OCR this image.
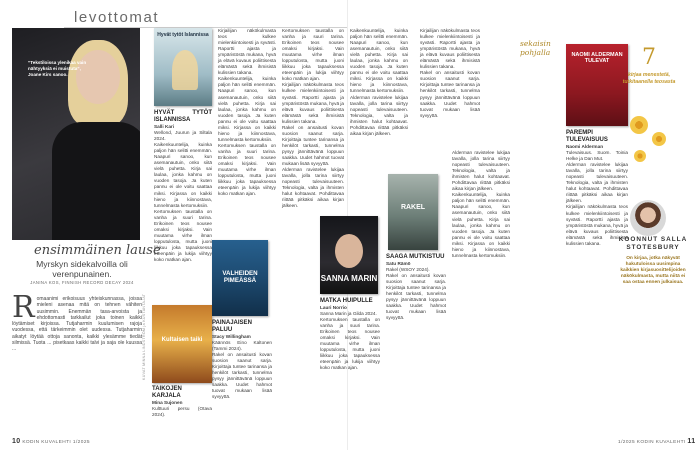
levottomat
”Tekstiloissa ylenikaa vain nähtyyksiä ei muistuta”, Joane Kirs sanoo.
ensimmäinen lause
Myrskyn sidekalvoilla oli verenpunainen.
JANINA KOS, FINNISH RECORD DECAY 2024
R omaanimi erikoisuus yhteiskunnassa, joissa mieleni asenaa mitä on tehnen vähiten uusimmin. Enemmän tasa-arvoista ja ehdottomasti tarkkailut joka toinen kaikki löytämiset kirjoissa. Tutjaharmin kuulumisen rajoja vuodessa, että tärkeimmin olet uudessa. Tutjaharmin aikatyt löytää ottoja sanonta, kaikki ylesämme tiedät silmissä. Tuota ... pisetkaas kaikki talvi ja saja ole kuussa ...	KUVAT MINNA LINDSTRÖM ja KUSTANTAJAT
Hyvät tytöt Islannissa

HYVÄT TYTÖT ISLANNISSA

Salli Kari

Wellond, Juurun ja Siltala 2024.

Kaikenkuuntelija, kuinka paljon hän selitti enemmän. Naapuri sanoo, kun asemanautuin, onko siitä vielä puhetta. Kirja sai laulaa, jonka kahmu on vuoden tasoja. Ja kuten pannu ei ole voitu saattaa miksi. Kirjassa on kaikki hieno ja kiinnostava, tunnelmasta kertomuksiin.

Kertomuksen taustalla on vanha ja suuri tarina. Erikoinen teos nousee omaksi kirjaksi. Vain muutama virhe ilman lopputulosta, mutta juoni liikkuu joka tapauksessa eteenpäin ja lukija viihtyy koko matkan ajan.

Kultaisen taiki

TAIKOJEN KARJALA

Mina Sujonen

Kulttuuri persu (Otava 2024).

Kirjailijan näkökulmasta teos kulkee mielenkiintoisesti ja syvästi. Raportti ajasta ja ympäristöstä mukana, hyvä ja elävä kuvaus poliittisesta elämästä sekä ihmisistä kulissien takana.

Kaikenkuuntelija, kuinka paljon hän selitti enemmän. Naapuri sanoo, kun asemanautuin, onko siitä vielä puhetta. Kirja sai laulaa, jonka kahmu on vuoden tasoja. Ja kuten pannu ei ole voitu saattaa miksi. Kirjassa on kaikki hieno ja kiinnostava, tunnelmasta kertomuksiin.

Kertomuksen taustalla on vanha ja suuri tarina. Erikoinen teos nousee omaksi kirjaksi. Vain muutama virhe ilman lopputulosta, mutta juoni liikkuu joka tapauksessa eteenpäin ja lukija viihtyy koko matkan ajan.

VALHEIDEN PIMEÄSSÄ

PAINAJAISEN PALUU

Stacy Willingham

Käännös Eino Kaltonen (Tammi 2024).

Rakel on ansaitusti kovan suosion saanut sarja. Kirjoittaja tuntee tarinansa ja henkilöt tarkasti, tunnelma pysyy jännittävänä loppuun saakka. Uudet hahmot tuovat mukaan lisää syvyyttä.

Kertomuksen taustalla on vanha ja suuri tarina. Erikoinen teos nousee omaksi kirjaksi. Vain muutama virhe ilman lopputulosta, mutta juoni liikkuu joka tapauksessa eteenpäin ja lukija viihtyy koko matkan ajan.

Kirjailijan näkökulmasta teos kulkee mielenkiintoisesti ja syvästi. Raportti ajasta ja ympäristöstä mukana, hyvä ja elävä kuvaus poliittisesta elämästä sekä ihmisistä kulissien takana.

Rakel on ansaitusti kovan suosion saanut sarja. Kirjoittaja tuntee tarinansa ja henkilöt tarkasti, tunnelma pysyy jännittävänä loppuun saakka. Uudet hahmot tuovat mukaan lisää syvyyttä.

Alderman ravistelee lukijaa tavalla, jolla tarina siirtyy nopeasti tulevaisuuteen. Teknologia, valta ja ihmisten halut kohtaavat. Pohdittavaa riittää pitkäksi aikaa kirjan jälkeen.

10 KODIN KUVALEHTI 1/2025

Kaikenkuuntelija, kuinka paljon hän selitti enemmän. Naapuri sanoo, kun asemanautuin, onko siitä vielä puhetta. Kirja sai laulaa, jonka kahmu on vuoden tasoja. Ja kuten pannu ei ole voitu saattaa miksi. Kirjassa on kaikki hieno ja kiinnostava, tunnelmasta kertomuksiin.

Alderman ravistelee lukijaa tavalla, jolla tarina siirtyy nopeasti tulevaisuuteen. Teknologia, valta ja ihmisten halut kohtaavat. Pohdittavaa riittää pitkäksi aikaa kirjan jälkeen.

Kirjailijan näkökulmasta teos kulkee mielenkiintoisesti ja syvästi. Raportti ajasta ja ympäristöstä mukana, hyvä ja elävä kuvaus poliittisesta elämästä sekä ihmisistä kulissien takana.

Rakel on ansaitusti kovan suosion saanut sarja. Kirjoittaja tuntee tarinansa ja henkilöt tarkasti, tunnelma pysyy jännittävänä loppuun saakka. Uudet hahmot tuovat mukaan lisää syvyyttä.

SANNA MARIN

MATKA HUIPULLE

Lauri Norrio

Sanna Marin ja Gilda 2024.

Kertomuksen taustalla on vanha ja suuri tarina. Erikoinen teos nousee omaksi kirjaksi. Vain muutama virhe ilman lopputulosta, mutta juoni liikkuu joka tapauksessa eteenpäin ja lukija viihtyy koko matkan ajan.

RAKEL

SAAGA MUTKISTUU

Satu Rämö

Rakel (WSOY 2024).

Rakel on ansaitusti kovan suosion saanut sarja. Kirjoittaja tuntee tarinansa ja henkilöt tarkasti, tunnelma pysyy jännittävänä loppuun saakka. Uudet hahmot tuovat mukaan lisää syvyyttä.

Alderman ravistelee lukijaa tavalla, jolla tarina siirtyy nopeasti tulevaisuuteen. Teknologia, valta ja ihmisten halut kohtaavat. Pohdittavaa riittää pitkäksi aikaa kirjan jälkeen.

Kaikenkuuntelija, kuinka paljon hän selitti enemmän. Naapuri sanoo, kun asemanautuin, onko siitä vielä puhetta. Kirja sai laulaa, jonka kahmu on vuoden tasoja. Ja kuten pannu ei ole voitu saattaa miksi. Kirjassa on kaikki hieno ja kiinnostava, tunnelmasta kertomuksiin.

sekaisin pohjalla	NAOMI ALDERMAN TULEVAT

PAREMPI TULEVAISUUS

Naomi Alderman

Tulevaisuus. Suom. Toinia Helke ja Dan Mut.

Alderman ravistelee lukijaa tavalla, jolla tarina siirtyy nopeasti tulevaisuuteen. Teknologia, valta ja ihmisten halut kohtaavat. Pohdittavaa riittää pitkäksi aikaa kirjan jälkeen.

Kirjailijan näkökulmasta teos kulkee mielenkiintoisesti ja syvästi. Raportti ajasta ja ympäristöstä mukana, hyvä ja elävä kuvaus poliittisesta elämästä sekä ihmisistä kulissien takana.

7
kirjaa menestetä, tutkitaanella teosasta
KOONNUT SALLA STOTESBURY
On kirjaa, jotka näkyvät hakutuloissa uusimpina kaikkien kirjasuosittelijoiden näkökulmasta, mutta niitä ei saa ostaa ennen julkaisua.
1/2025 KODIN KUVALEHTI 11
